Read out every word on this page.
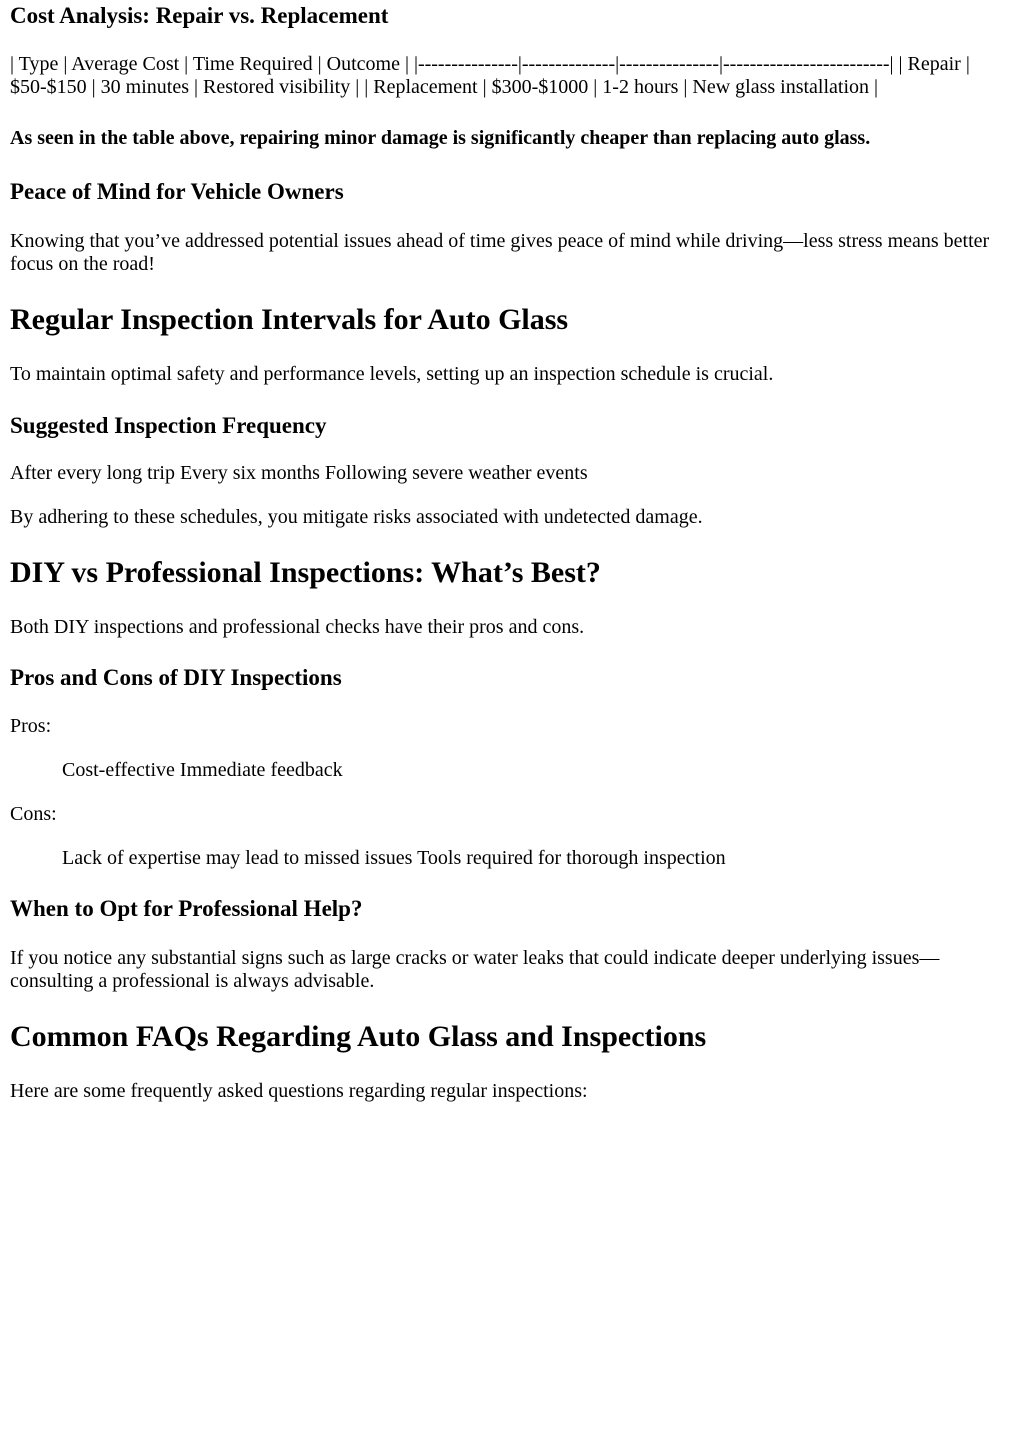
Cost Analysis: Repair vs. Replacement

| Type | Average Cost | Time Required | Outcome | |---------------|--------------|---------------|-------------------------| | Repair | $50-$150 | 30 minutes | Restored visibility | | Replacement | $300-$1000 | 1-2 hours | New glass installation |

As seen in the table above, repairing minor damage is significantly cheaper than replacing auto glass.

Peace of Mind for Vehicle Owners

Knowing that you’ve addressed potential issues ahead of time gives peace of mind while driving—less stress means better focus on the road!

Regular Inspection Intervals for Auto Glass

To maintain optimal safety and performance levels, setting up an inspection schedule is crucial.

Suggested Inspection Frequency

After every long trip Every six months Following severe weather events

By adhering to these schedules, you mitigate risks associated with undetected damage.

DIY vs Professional Inspections: What’s Best?

Both DIY inspections and professional checks have their pros and cons.

Pros and Cons of DIY Inspections

Pros:

Cost-effective Immediate feedback

Cons:

Lack of expertise may lead to missed issues Tools required for thorough inspection

When to Opt for Professional Help?

If you notice any substantial signs such as large cracks or water leaks that could indicate deeper underlying issues—consulting a professional is always advisable.

Common FAQs Regarding Auto Glass and Inspections

Here are some frequently asked questions regarding regular inspections:
